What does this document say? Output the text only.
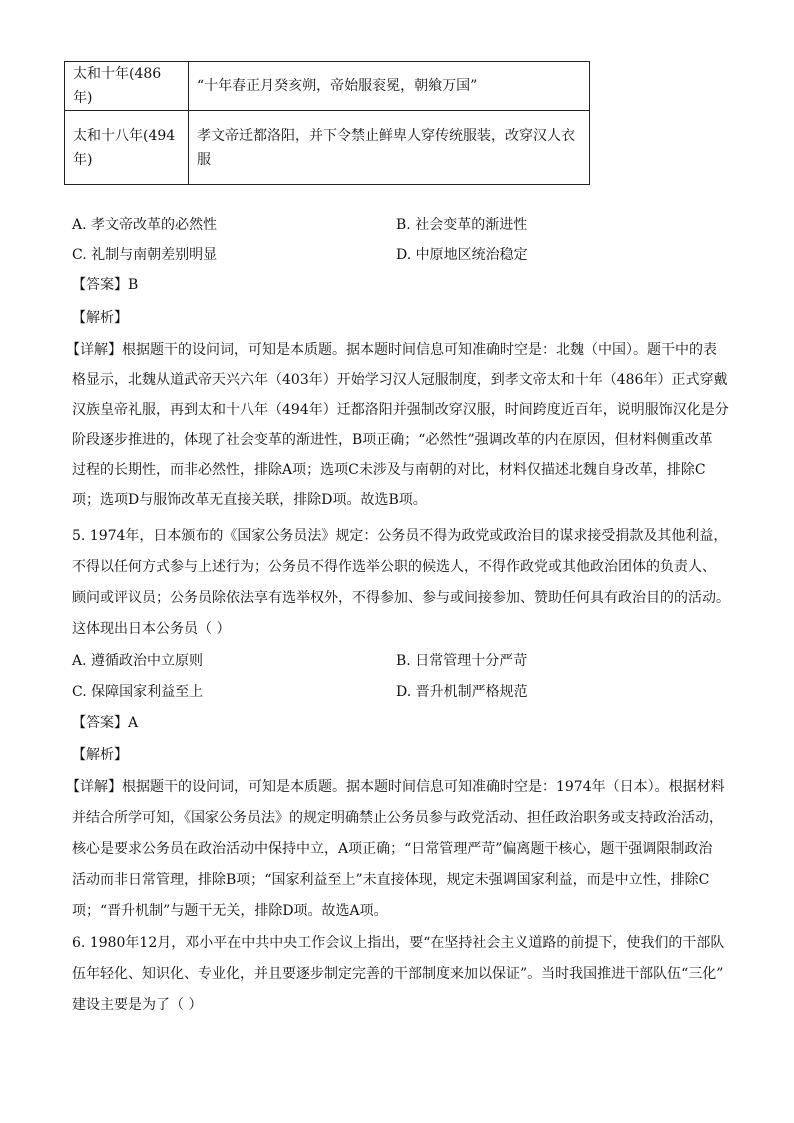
太和十年(486年)	“十年春正月癸亥朔，帝始服衮冕，朝飨万国”
太和十八年(494
年)	孝文帝迁都洛阳，并下令禁止鲜卑人穿传统服装，改穿汉人衣服
A. 孝文帝改革的必然性	B. 社会变革的渐进性
C. 礼制与南朝差别明显	D. 中原地区统治稳定
【答案】B
【解析】
【详解】根据题干的设问词，可知是本质题。据本题时间信息可知准确时空是：北魏（中国）。题干中的表
格显示，北魏从道武帝天兴六年（403年）开始学习汉人冠服制度，到孝文帝太和十年（486年）正式穿戴
汉族皇帝礼服，再到太和十八年（494年）迁都洛阳并强制改穿汉服，时间跨度近百年，说明服饰汉化是分
阶段逐步推进的，体现了社会变革的渐进性，B项正确；“必然性”强调改革的内在原因，但材料侧重改革
过程的长期性，而非必然性，排除A项；选项C未涉及与南朝的对比，材料仅描述北魏自身改革，排除C
项；选项D与服饰改革无直接关联，排除D项。故选B项。
5. 1974年，日本颁布的《国家公务员法》规定：公务员不得为政党或政治目的谋求接受捐款及其他利益，
不得以任何方式参与上述行为；公务员不得作选举公职的候选人，不得作政党或其他政治团体的负责人、
顾问或评议员；公务员除依法享有选举权外，不得参加、参与或间接参加、赞助任何具有政治目的的活动。
这体现出日本公务员（ ）
A. 遵循政治中立原则	B. 日常管理十分严苛
C. 保障国家利益至上	D. 晋升机制严格规范
【答案】A
【解析】
【详解】根据题干的设问词，可知是本质题。据本题时间信息可知准确时空是：1974年（日本）。根据材料
并结合所学可知，《国家公务员法》的规定明确禁止公务员参与政党活动、担任政治职务或支持政治活动，
核心是要求公务员在政治活动中保持中立，A项正确；“日常管理严苛”偏离题干核心，题干强调限制政治
活动而非日常管理，排除B项；“国家利益至上”未直接体现，规定未强调国家利益，而是中立性，排除C
项；“晋升机制”与题干无关，排除D项。故选A项。
6. 1980年12月，邓小平在中共中央工作会议上指出，要“在坚持社会主义道路的前提下，使我们的干部队
伍年轻化、知识化、专业化，并且要逐步制定完善的干部制度来加以保证”。当时我国推进干部队伍“三化”
建设主要是为了（ ）
